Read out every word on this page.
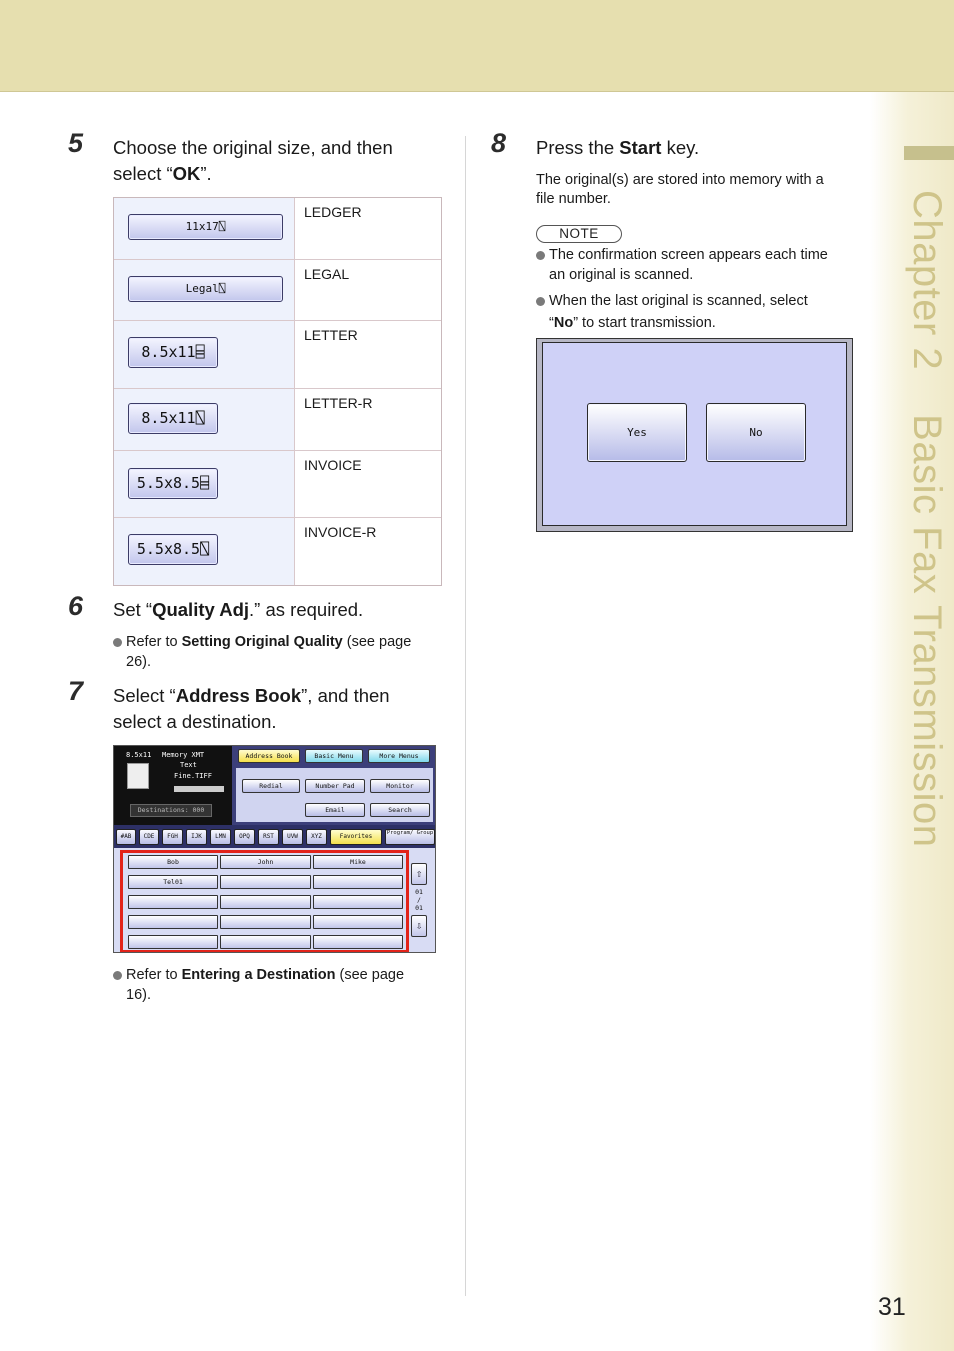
Chapter 2Basic Fax Transmission
5 Choose the original size, and then
select “OK”.
11x17⍂
LEDGER
Legal⍂
LEGAL
8.5x11⌸
LETTER
8.5x11⍂
LETTER-R
5.5x8.5⌸
INVOICE
5.5x8.5⍂
INVOICE-R
6 Set “Quality Adj.” as required.
Refer to Setting Original Quality (see page
26).
7 Select “Address Book”, and then
select a destination.
8.5x11 Memory XMT
Text
Fine.TIFF
Destinations: 000
Address Book	Basic Menu	More Menus
Redial	Number Pad	Monitor
Email	Search
#AB	CDE	FGH	IJK	LMN	OPQ	RST	UVW	XYZ	Favorites	Program/ Group
Bob	John	Mike
Tel01
⇧
01
/
01
⇩
Refer to Entering a Destination (see page
16).
8 Press the Start key.
The original(s) are stored into memory with a
file number.
NOTE
The confirmation screen appears each time
an original is scanned.
When the last original is scanned, select
“No” to start transmission.
Yes	No
31
